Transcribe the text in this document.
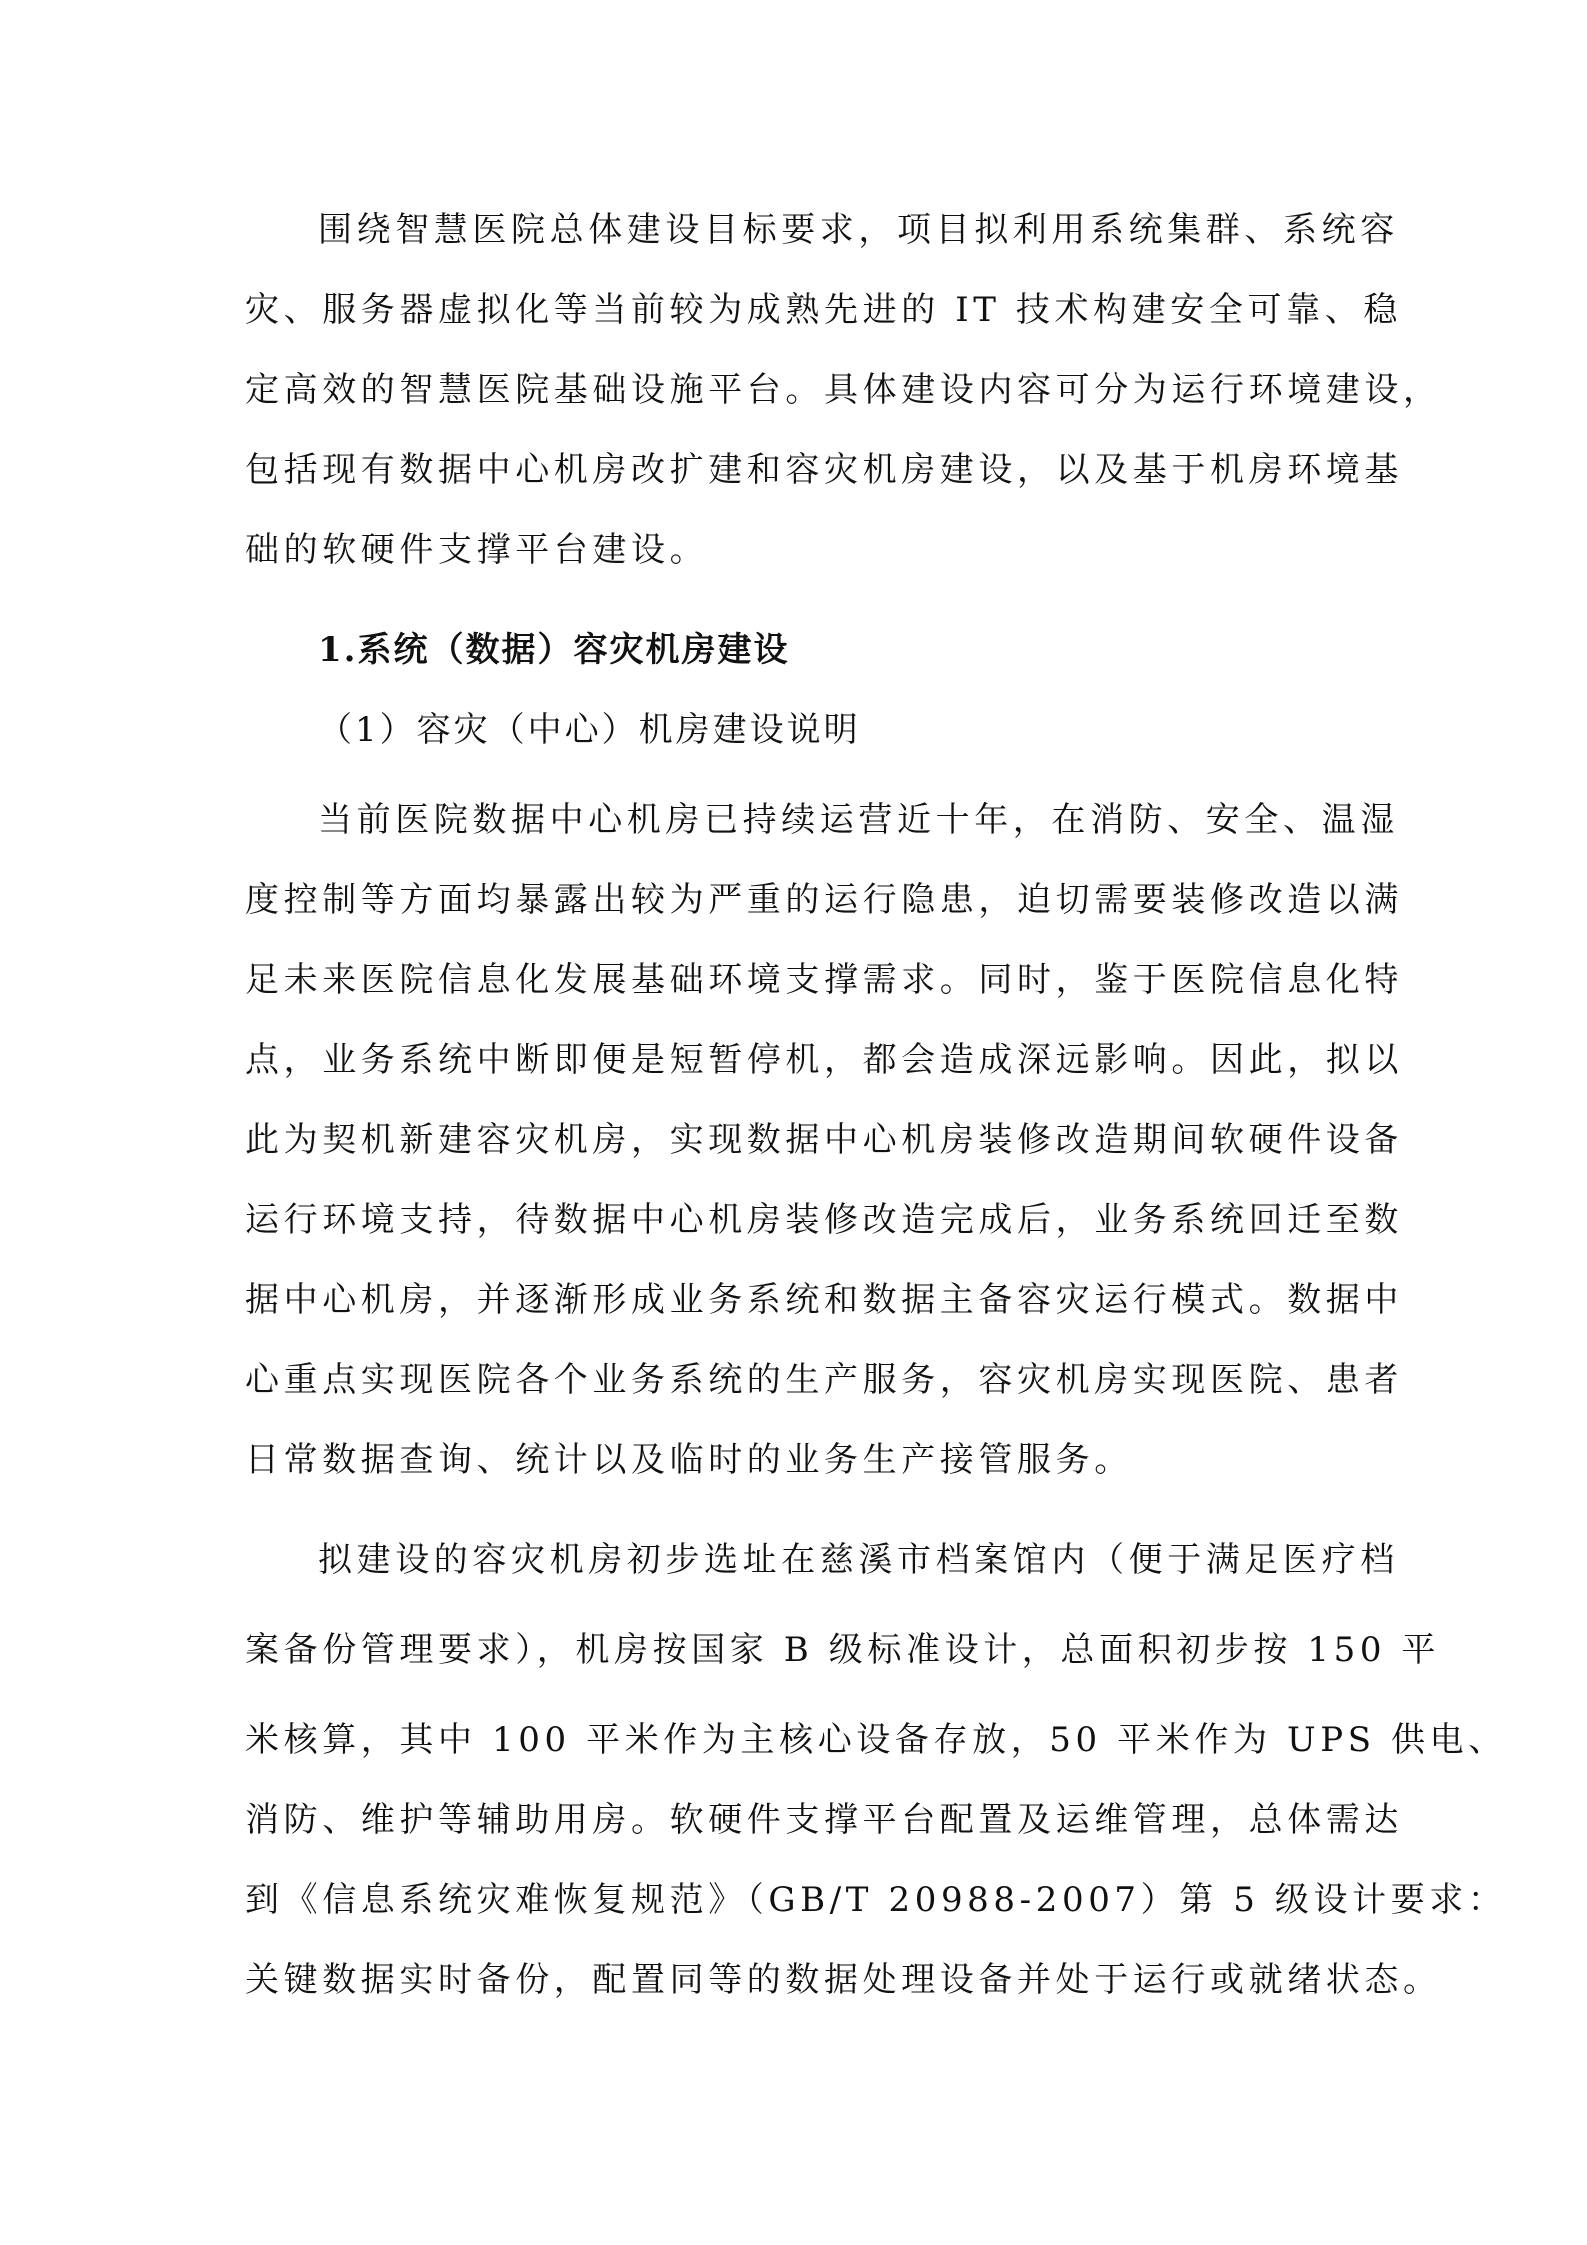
围绕智慧医院总体建设目标要求，项目拟利用系统集群、系统容
灾、服务器虚拟化等当前较为成熟先进的 IT 技术构建安全可靠、稳
定高效的智慧医院基础设施平台。具体建设内容可分为运行环境建设，
包括现有数据中心机房改扩建和容灾机房建设，以及基于机房环境基
础的软硬件支撑平台建设。
1.系统（数据）容灾机房建设
（1）容灾（中心）机房建设说明
当前医院数据中心机房已持续运营近十年，在消防、安全、温湿
度控制等方面均暴露出较为严重的运行隐患，迫切需要装修改造以满
足未来医院信息化发展基础环境支撑需求。同时，鉴于医院信息化特
点，业务系统中断即便是短暂停机，都会造成深远影响。因此，拟以
此为契机新建容灾机房，实现数据中心机房装修改造期间软硬件设备
运行环境支持，待数据中心机房装修改造完成后，业务系统回迁至数
据中心机房，并逐渐形成业务系统和数据主备容灾运行模式。数据中
心重点实现医院各个业务系统的生产服务，容灾机房实现医院、患者
日常数据查询、统计以及临时的业务生产接管服务。
拟建设的容灾机房初步选址在慈溪市档案馆内（便于满足医疗档
案备份管理要求），机房按国家 B 级标准设计，总面积初步按 150 平
米核算，其中 100 平米作为主核心设备存放，50 平米作为 UPS 供电、
消防、维护等辅助用房。软硬件支撑平台配置及运维管理，总体需达
到《信息系统灾难恢复规范》（GB/T 20988-2007）第 5 级设计要求：
关键数据实时备份，配置同等的数据处理设备并处于运行或就绪状态。
